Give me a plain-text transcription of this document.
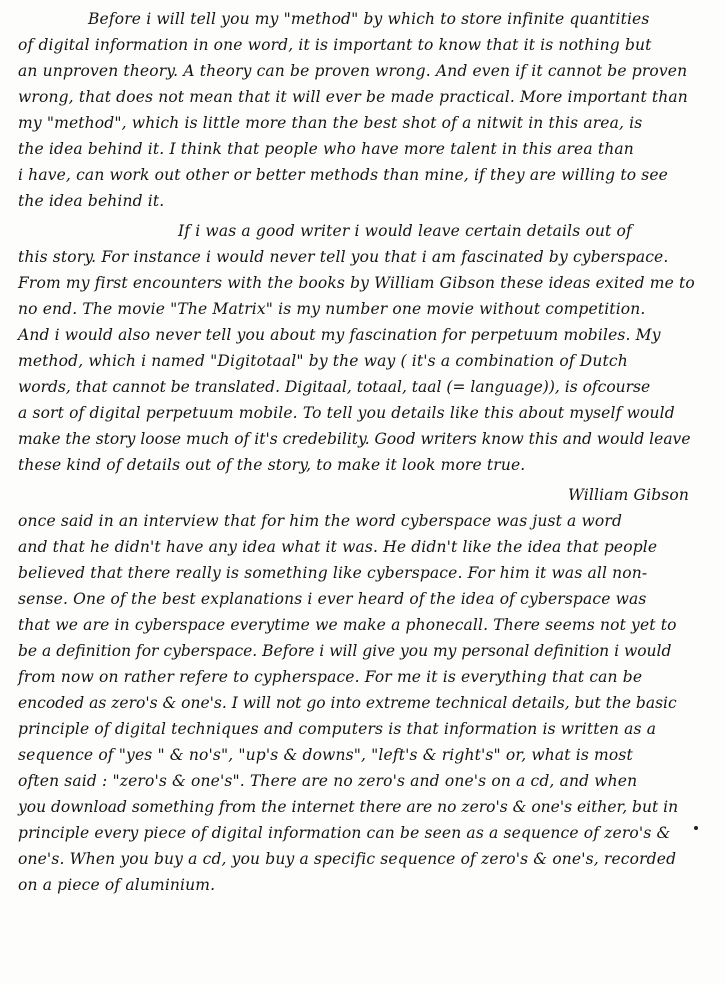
Before i will tell you my "method" by which to store infinite quantities
of digital information in one word, it is important to know that it is nothing but
an unproven theory. A theory can be proven wrong. And even if it cannot be proven
wrong, that does not mean that it will ever be made practical. More important than
my "method", which is little more than the best shot of a nitwit in this area, is
the idea behind it. I think that people who have more talent in this area than
i have, can work out other or better methods than mine, if they are willing to see
the idea behind it.
If i was a good writer i would leave certain details out of
this story. For instance i would never tell you that i am fascinated by cyberspace.
From my first encounters with the books by William Gibson these ideas exited me to
no end. The movie "The Matrix" is my number one movie without competition.
And i would also never tell you about my fascination for perpetuum mobiles. My
method, which i named "Digitotaal" by the way ( it's a combination of Dutch
words, that cannot be translated. Digitaal, totaal, taal (= language)), is ofcourse
a sort of digital perpetuum mobile. To tell you details like this about myself would
make the story loose much of it's credebility. Good writers know this and would leave
these kind of details out of the story, to make it look more true.
William Gibson
once said in an interview that for him the word cyberspace was just a word
and that he didn't have any idea what it was. He didn't like the idea that people
believed that there really is something like cyberspace. For him it was all non-
sense. One of the best explanations i ever heard of the idea of cyberspace was
that we are in cyberspace everytime we make a phonecall. There seems not yet to
be a definition for cyberspace. Before i will give you my personal definition i would
from now on rather refere to cypherspace. For me it is everything that can be
encoded as zero's & one's. I will not go into extreme technical details, but the basic
principle of digital techniques and computers is that information is written as a
sequence of "yes " & no's", "up's & downs", "left's & right's" or, what is most
often said : "zero's & one's". There are no zero's and one's on a cd, and when
you download something from the internet there are no zero's & one's either, but in
principle every piece of digital information can be seen as a sequence of zero's &
one's. When you buy a cd, you buy a specific sequence of zero's & one's, recorded
on a piece of aluminium.
